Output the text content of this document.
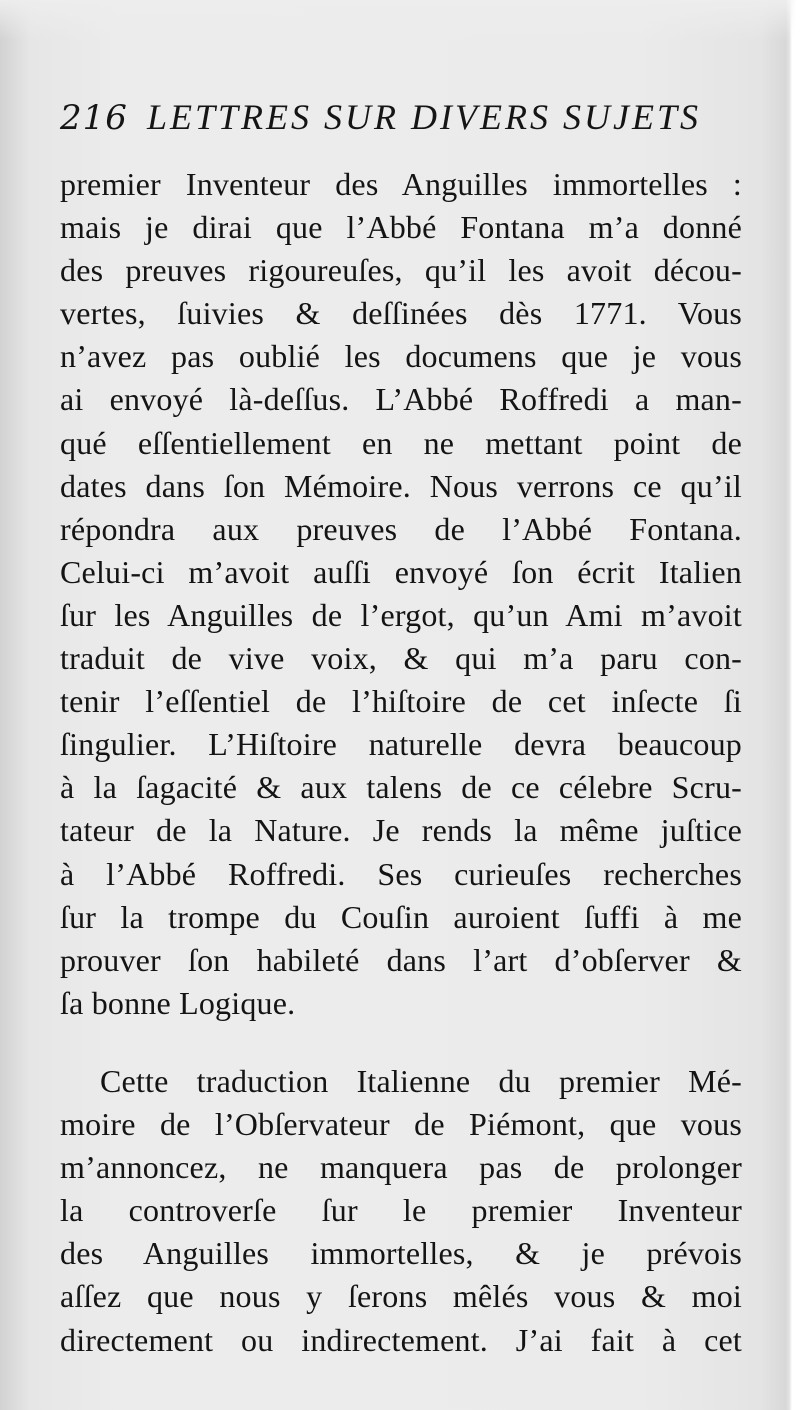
216 LETTRES SUR DIVERS SUJETS
premier Inventeur des Anguilles immortelles :
mais je dirai que l’Abbé Fontana m’a donné
des preuves rigoureuſes, qu’il les avoit décou-
vertes, ſuivies & deſſinées dès 1771. Vous
n’avez pas oublié les documens que je vous
ai envoyé là-deſſus. L’Abbé Roffredi a man-
qué eſſentiellement en ne mettant point de
dates dans ſon Mémoire. Nous verrons ce qu’il
répondra aux preuves de l’Abbé Fontana.
Celui-ci m’avoit auſſi envoyé ſon écrit Italien
ſur les Anguilles de l’ergot, qu’un Ami m’avoit
traduit de vive voix, & qui m’a paru con-
tenir l’eſſentiel de l’hiſtoire de cet inſecte ſi
ſingulier. L’Hiſtoire naturelle devra beaucoup
à la ſagacité & aux talens de ce célebre Scru-
tateur de la Nature. Je rends la même juſtice
à l’Abbé Roffredi. Ses curieuſes recherches
ſur la trompe du Couſin auroient ſuffi à me
prouver ſon habileté dans l’art d’obſerver &
ſa bonne Logique.
Cette traduction Italienne du premier Mé-
moire de l’Obſervateur de Piémont, que vous
m’annoncez, ne manquera pas de prolonger
la controverſe ſur le premier Inventeur
des Anguilles immortelles, & je prévois
aſſez que nous y ſerons mêlés vous & moi
directement ou indirectement. J’ai fait à cet
